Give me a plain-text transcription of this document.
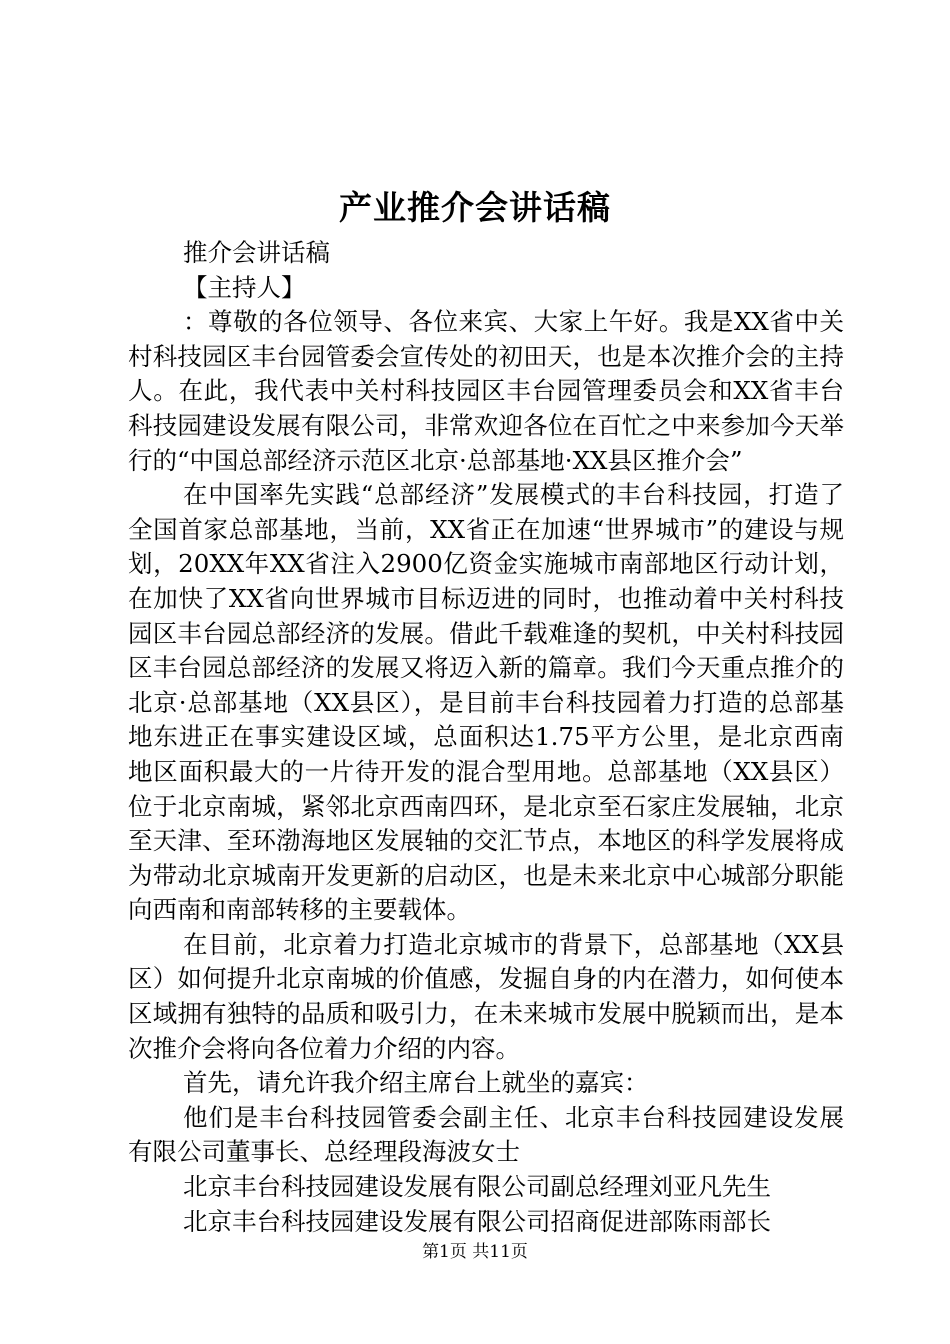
产业推介会讲话稿

推介会讲话稿

【主持人】

：尊敬的各位领导、各位来宾、大家上午好。我是XX省中关村科技园区丰台园管委会宣传处的初田天，也是本次推介会的主持人。在此，我代表中关村科技园区丰台园管理委员会和XX省丰台科技园建设发展有限公司，非常欢迎各位在百忙之中来参加今天举行的“中国总部经济示范区北京·总部基地·XX县区推介会”

在中国率先实践“总部经济”发展模式的丰台科技园，打造了全国首家总部基地，当前，XX省正在加速“世界城市”的建设与规划，20XX年XX省注入2900亿资金实施城市南部地区行动计划，在加快了XX省向世界城市目标迈进的同时，也推动着中关村科技园区丰台园总部经济的发展。借此千载难逢的契机，中关村科技园区丰台园总部经济的发展又将迈入新的篇章。我们今天重点推介的北京·总部基地（XX县区），是目前丰台科技园着力打造的总部基地东进正在事实建设区域，总面积达1.75平方公里，是北京西南地区面积最大的一片待开发的混合型用地。总部基地（XX县区）位于北京南城，紧邻北京西南四环，是北京至石家庄发展轴，北京至天津、至环渤海地区发展轴的交汇节点，本地区的科学发展将成为带动北京城南开发更新的启动区，也是未来北京中心城部分职能向西南和南部转移的主要载体。

在目前，北京着力打造北京城市的背景下，总部基地（XX县区）如何提升北京南城的价值感，发掘自身的内在潜力，如何使本区域拥有独特的品质和吸引力，在未来城市发展中脱颖而出，是本次推介会将向各位着力介绍的内容。

首先，请允许我介绍主席台上就坐的嘉宾：

他们是丰台科技园管委会副主任、北京丰台科技园建设发展有限公司董事长、总经理段海波女士

北京丰台科技园建设发展有限公司副总经理刘亚凡先生

北京丰台科技园建设发展有限公司招商促进部陈雨部长

第1页 共11页
